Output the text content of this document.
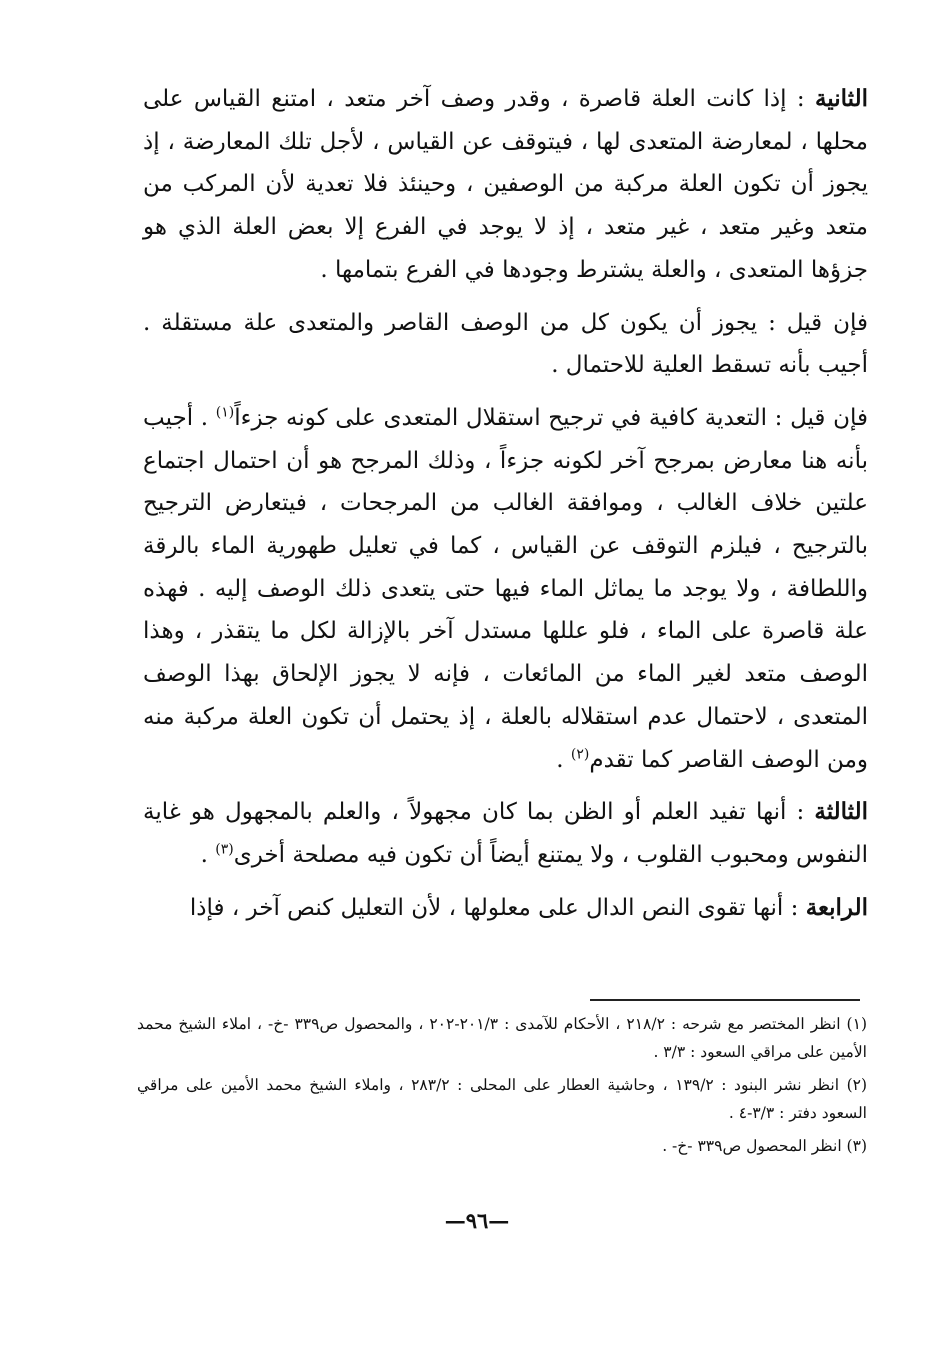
الثانية : إذا كانت العلة قاصرة ، وقدر وصف آخر متعد ، امتنع القياس على محلها ، لمعارضة المتعدى لها ، فيتوقف عن القياس ، لأجل تلك المعارضة ، إذ يجوز أن تكون العلة مركبة من الوصفين ، وحينئذ فلا تعدية لأن المركب من متعد وغير متعد ، غير متعد ، إذ لا يوجد في الفرع إلا بعض العلة الذي هو جزؤها المتعدى ، والعلة يشترط وجودها في الفرع بتمامها .

فإن قيل : يجوز أن يكون كل من الوصف القاصر والمتعدى علة مستقلة . أجيب بأنه تسقط العلية للاحتمال .

فإن قيل : التعدية كافية في ترجيح استقلال المتعدى على كونه جزءاً$^{(١)}$ . أجيب بأنه هنا معارض بمرجح آخر لكونه جزءاً ، وذلك المرجح هو أن احتمال اجتماع علتين خلاف الغالب ، وموافقة الغالب من المرجحات ، فيتعارض الترجيح بالترجيح ، فيلزم التوقف عن القياس ، كما في تعليل طهورية الماء بالرقة واللطافة ، ولا يوجد ما يماثل الماء فيها حتى يتعدى ذلك الوصف إليه . فهذه علة قاصرة على الماء ، فلو عللها مستدل آخر بالإزالة لكل ما يتقذر ، وهذا الوصف متعد لغير الماء من المائعات ، فإنه لا يجوز الإلحاق بهذا الوصف المتعدى ، لاحتمال عدم استقلاله بالعلة ، إذ يحتمل أن تكون العلة مركبة منه ومن الوصف القاصر كما تقدم$^{(٢)}$ .

الثالثة : أنها تفيد العلم أو الظن بما كان مجهولاً ، والعلم بالمجهول هو غاية النفوس ومحبوب القلوب ، ولا يمتنع أيضاً أن تكون فيه مصلحة أخرى$^{(٣)}$ .

الرابعة : أنها تقوى النص الدال على معلولها ، لأن التعليل كنص آخر ، فإذا

(١) انظر المختصر مع شرحه : ٢١٨/٢ ، الأحكام للآمدى : ٢٠١/٣-٢٠٢ ، والمحصول ص٣٣٩ -خ- ، املاء الشيخ محمد الأمين على مراقي السعود : ٣/٣ .

(٢) انظر نشر البنود : ١٣٩/٢ ، وحاشية العطار على المحلى : ٢٨٣/٢ ، واملاء الشيخ محمد الأمين على مراقي السعود دفتر : ٣/٣-٤ .

(٣) انظر المحصول ص٣٣٩ -خ- .

—٩٦—
